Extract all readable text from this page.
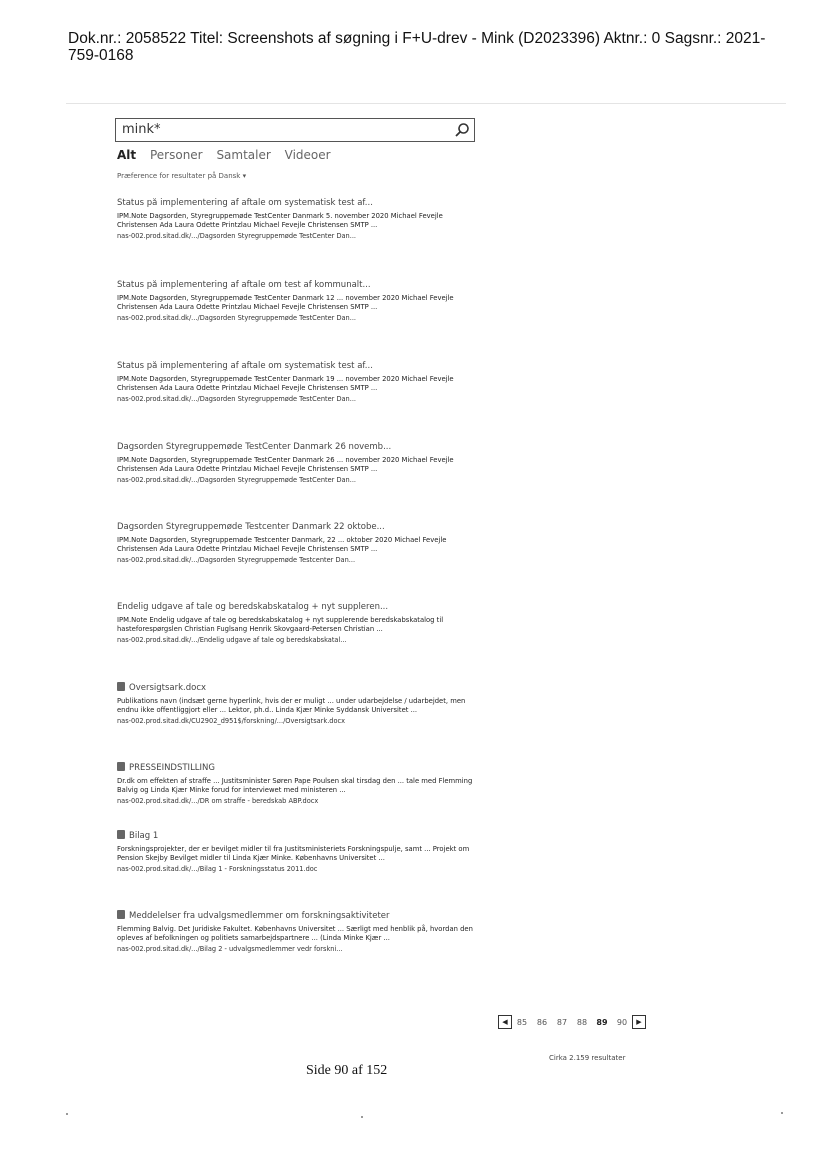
Dok.nr.: 2058522 Titel: Screenshots af søgning i F+U-drev - Mink (D2023396) Aktnr.: 0 Sagsnr.: 2021-759-0168
mink*
Alt Personer Samtaler Videoer
Præference for resultater på Dansk ▾
Status på implementering af aftale om systematisk test af...
IPM.Note Dagsorden, Styregruppemøde TestCenter Danmark 5. november 2020 Michael Fevejle Christensen Ada Laura Odette Printzlau Michael Fevejle Christensen SMTP ...
nas-002.prod.sitad.dk/.../Dagsorden Styregruppemøde TestCenter Dan...
Status på implementering af aftale om test af kommunalt...
IPM.Note Dagsorden, Styregruppemøde TestCenter Danmark 12 ... november 2020 Michael Fevejle Christensen Ada Laura Odette Printzlau Michael Fevejle Christensen SMTP ...
nas-002.prod.sitad.dk/.../Dagsorden Styregruppemøde TestCenter Dan...
Status på implementering af aftale om systematisk test af...
IPM.Note Dagsorden, Styregruppemøde TestCenter Danmark 19 ... november 2020 Michael Fevejle Christensen Ada Laura Odette Printzlau Michael Fevejle Christensen SMTP ...
nas-002.prod.sitad.dk/.../Dagsorden Styregruppemøde TestCenter Dan...
Dagsorden Styregruppemøde TestCenter Danmark 26 novemb...
IPM.Note Dagsorden, Styregruppemøde TestCenter Danmark 26 ... november 2020 Michael Fevejle Christensen Ada Laura Odette Printzlau Michael Fevejle Christensen SMTP ...
nas-002.prod.sitad.dk/.../Dagsorden Styregruppemøde TestCenter Dan...
Dagsorden Styregruppemøde Testcenter Danmark 22 oktobe...
IPM.Note Dagsorden, Styregruppemøde Testcenter Danmark, 22 ... oktober 2020 Michael Fevejle Christensen Ada Laura Odette Printzlau Michael Fevejle Christensen SMTP ...
nas-002.prod.sitad.dk/.../Dagsorden Styregruppemøde Testcenter Dan...
Endelig udgave af tale og beredskabskatalog + nyt suppleren...
IPM.Note Endelig udgave af tale og beredskabskatalog + nyt supplerende beredskabskatalog til hasteforespørgslen Christian Fuglsang Henrik Skovgaard-Petersen Christian ...
nas-002.prod.sitad.dk/.../Endelig udgave af tale og beredskabskatal...
Oversigtsark.docx
Publikations navn (indsæt gerne hyperlink, hvis der er muligt ... under udarbejdelse / udarbejdet, men endnu ikke offentliggjort eller ... Lektor, ph.d.. Linda Kjær Minke Syddansk Universitet ...
nas-002.prod.sitad.dk/CU2902_d951$/forskning/.../Oversigtsark.docx
PRESSEINDSTILLING
Dr.dk om effekten af straffe ... Justitsminister Søren Pape Poulsen skal tirsdag den ... tale med Flemming Balvig og Linda Kjær Minke forud for interviewet med ministeren ...
nas-002.prod.sitad.dk/.../DR om straffe - beredskab ABP.docx
Bilag 1
Forskningsprojekter, der er bevilget midler til fra Justitsministeriets Forskningspulje, samt ... Projekt om Pension Skejby Bevilget midler til Linda Kjær Minke. Københavns Universitet ...
nas-002.prod.sitad.dk/.../Bilag 1 - Forskningsstatus 2011.doc
Meddelelser fra udvalgsmedlemmer om forskningsaktiviteter
Flemming Balvig. Det Juridiske Fakultet. Københavns Universitet ... Særligt med henblik på, hvordan den opleves af befolkningen og politiets samarbejdspartnere ... (Linda Minke Kjær ...
nas-002.prod.sitad.dk/.../Bilag 2 - udvalgsmedlemmer vedr forskni...
◀	85	86	87	88	89	90	▶
Cirka 2.159 resultater
Side 90 af 152
